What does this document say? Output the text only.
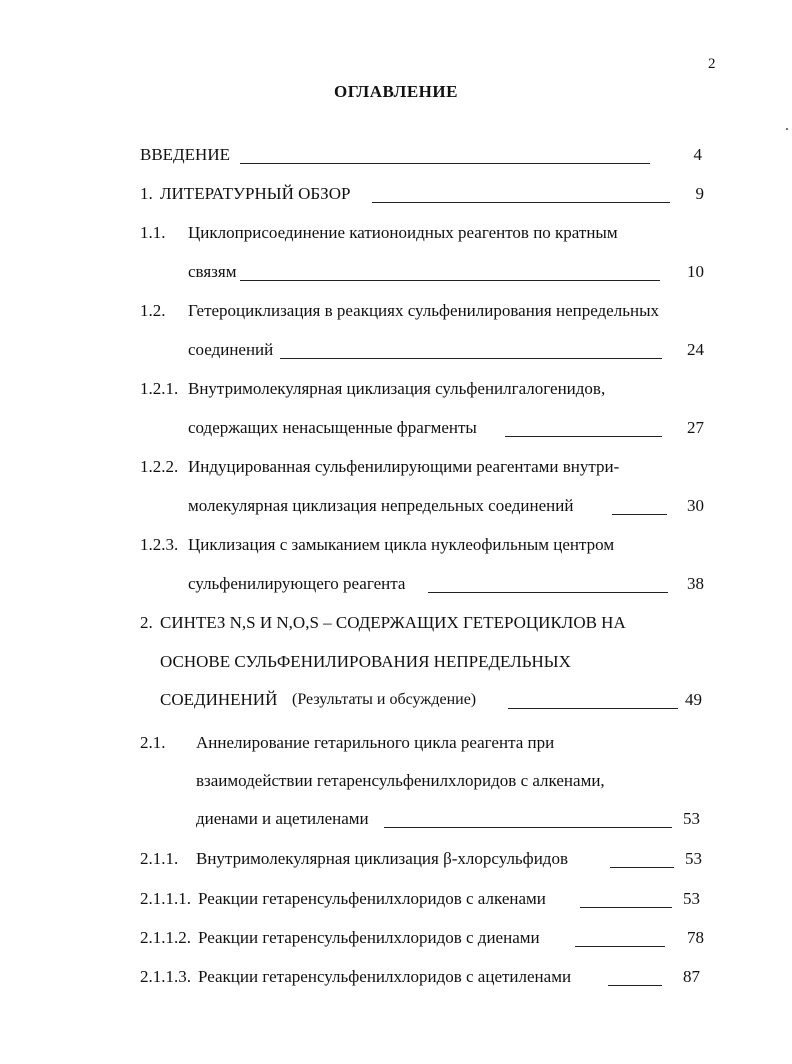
2
ОГЛАВЛЕНИЕ
ВВЕДЕНИЕ	4
1. ЛИТЕРАТУРНЫЙ ОБЗОР	9
1.1. Циклоприсоединение катионоидных реагентов по кратным
связям	10
1.2. Гетероциклизация в реакциях сульфенилирования непредельных
соединений	24
1.2.1. Внутримолекулярная циклизация сульфенилгалогенидов,
содержащих ненасыщенные фрагменты	27
1.2.2. Индуцированная сульфенилирующими реагентами внутри-
молекулярная циклизация непредельных соединений	30
1.2.3. Циклизация с замыканием цикла нуклеофильным центром
сульфенилирующего реагента	38
2. СИНТЕЗ N,S И N,O,S – СОДЕРЖАЩИХ ГЕТЕРОЦИКЛОВ НА
ОСНОВЕ СУЛЬФЕНИЛИРОВАНИЯ НЕПРЕДЕЛЬНЫХ
СОЕДИНЕНИЙ (Результаты и обсуждение)	49
2.1. Аннелирование гетарильного цикла реагента при
взаимодействии гетаренсульфенилхлоридов с алкенами,
диенами и ацетиленами	53
2.1.1. Внутримолекулярная циклизация β-хлорсульфидов	53
2.1.1.1. Реакции гетаренсульфенилхлоридов с алкенами	53
2.1.1.2. Реакции гетаренсульфенилхлоридов с диенами	78
2.1.1.3. Реакции гетаренсульфенилхлоридов с ацетиленами	87
